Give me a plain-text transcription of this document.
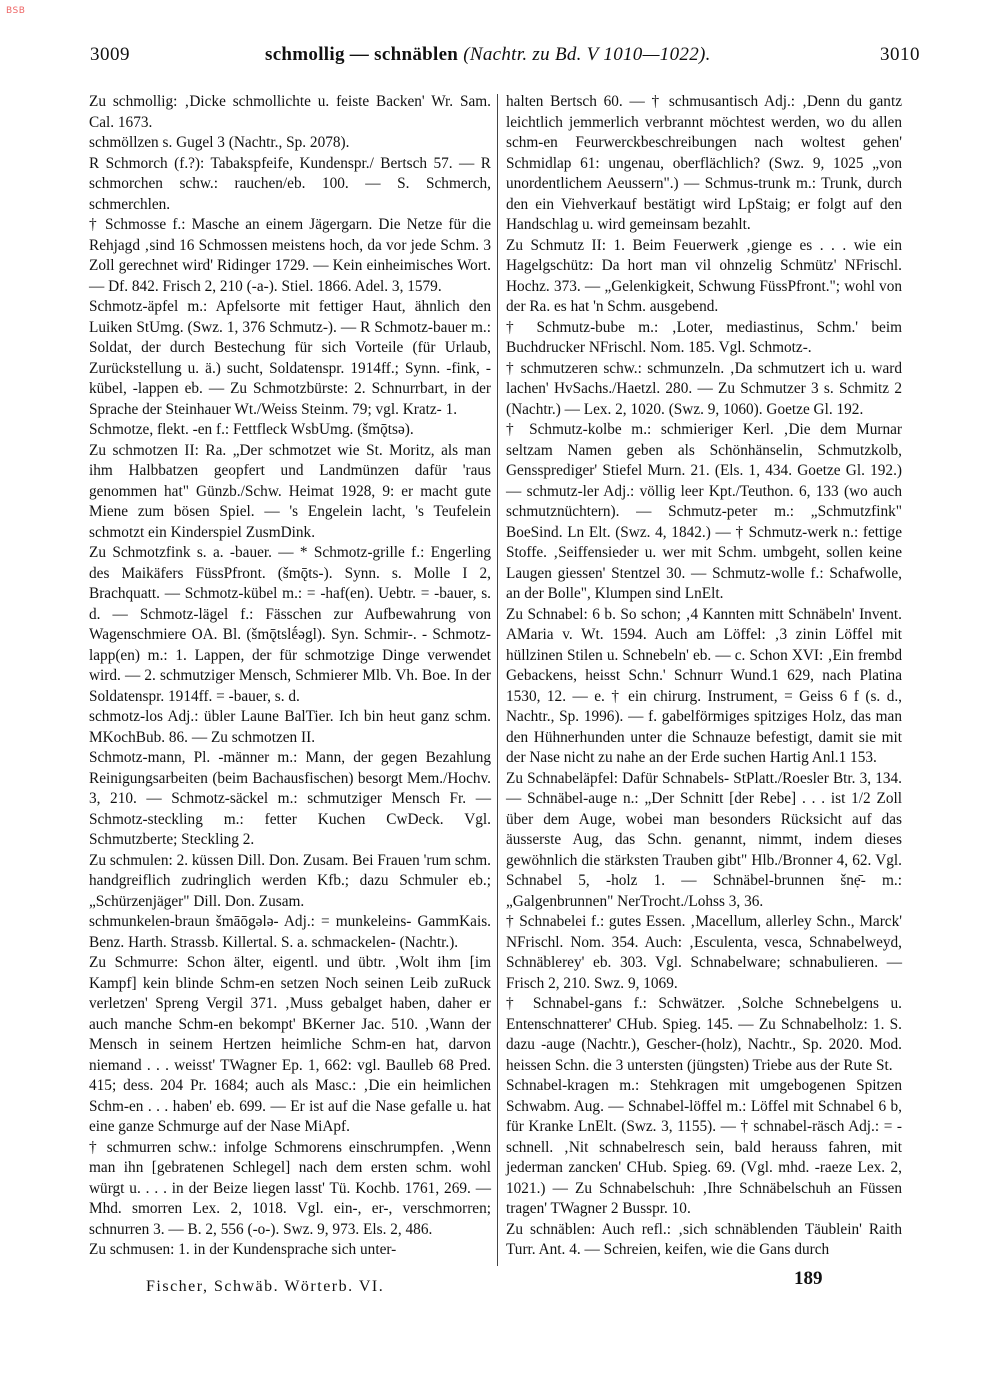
BSB
3009	schmollig — schnäblen (Nachtr. zu Bd. V 1010—1022).	3010

Zu schmollig: ‚Dicke schmollichte u. feiste Backen' Wr. Sam. Cal. 1673.

schmöllzen s. Gugel 3 (Nachtr., Sp. 2078).

R Schmorch (f.?): Tabakspfeife, Kundenspr./ Bertsch 57. — R schmorchen schw.: rauchen/eb. 100. — S. Schmerch, schmerchlen.

† Schmosse f.: Masche an einem Jägergarn. Die Netze für die Rehjagd ‚sind 16 Schmossen meistens hoch, da vor jede Schm. 3 Zoll gerechnet wird' Ridinger 1729. — Kein einheimisches Wort. — Df. 842. Frisch 2, 210 (-a-). Stiel. 1866. Adel. 3, 1579.

Schmotz-äpfel m.: Apfelsorte mit fettiger Haut, ähnlich den Luiken StUmg. (Swz. 1, 376 Schmutz-). — R Schmotz-bauer m.: Soldat, der durch Bestechung für sich Vorteile (für Urlaub, Zurückstellung u. ä.) sucht, Soldatenspr. 1914ff.; Synn. -fink, -kübel, -lappen eb. — Zu Schmotzbürste: 2. Schnurrbart, in der Sprache der Steinhauer Wt./Weiss Steinm. 79; vgl. Kratz- 1.

Schmotze, flekt. -en f.: Fettfleck WsbUmg. (šmǭtsə).

Zu schmotzen II: Ra. „Der schmotzet wie St. Moritz, als man ihm Halbbatzen geopfert und Landmünzen dafür 'raus genommen hat" Günzb./Schw. Heimat 1928, 9: er macht gute Miene zum bösen Spiel. — 's Engelein lacht, 's Teufelein schmotzt ein Kinderspiel ZusmDink.

Zu Schmotzfink s. a. -bauer. — * Schmotz-grille f.: Engerling des Maikäfers FüssPfront. (šmǭts-). Synn. s. Molle I 2, Brachquatt. — Schmotz-kübel m.: = -haf(en). Uebtr. = -bauer, s. d. — Schmotz-lägel f.: Fässchen zur Aufbewahrung von Wagenschmiere OA. Bl. (šmǭtslḗəgl). Syn. Schmir-. - Schmotz-lapp(en) m.: 1. Lappen, der für schmotzige Dinge verwendet wird. — 2. schmutziger Mensch, Schmierer Mlb. Vh. Boe. In der Soldatenspr. 1914ff. = -bauer, s. d.

schmotz-los Adj.: übler Laune BalTier. Ich bin heut ganz schm. MKochBub. 86. — Zu schmotzen II.

Schmotz-mann, Pl. -männer m.: Mann, der gegen Bezahlung Reinigungsarbeiten (beim Bachausfischen) besorgt Mem./Hochv. 3, 210. — Schmotz-säckel m.: schmutziger Mensch Fr. — Schmotz-steckling m.: fetter Kuchen CwDeck. Vgl. Schmutzberte; Steckling 2.

Zu schmulen: 2. küssen Dill. Don. Zusam. Bei Frauen 'rum schm. handgreiflich zudringlich werden Kfb.; dazu Schmuler eb.; „Schürzenjäger" Dill. Don. Zusam.

schmunkelen-braun šmāōgələ- Adj.: = munkeleins- GammKais. Benz. Harth. Strassb. Killertal. S. a. schmackelen- (Nachtr.).

Zu Schmurre: Schon älter, eigentl. und übtr. ‚Wolt ihm [im Kampf] kein blinde Schm-en setzen Noch seinen Leib zuRuck verletzen' Spreng Vergil 371. ‚Muss gebalget haben, daher er auch manche Schm-en bekompt' BKerner Jac. 510. ‚Wann der Mensch in seinem Hertzen heimliche Schm-en hat, darvon niemand . . . weisst' TWagner Ep. 1, 662: vgl. Baulleb 68 Pred. 415; dess. 204 Pr. 1684; auch als Masc.: ‚Die ein heimlichen Schm-en . . . haben' eb. 699. — Er ist auf die Nase gefalle u. hat eine ganze Schmurge auf der Nase MiApf.

† schmurren schw.: infolge Schmorens einschrumpfen. ‚Wenn man ihn [gebratenen Schlegel] nach dem ersten schm. wohl würgt u. . . . in der Beize liegen lasst' Tü. Kochb. 1761, 269. — Mhd. smorren Lex. 2, 1018. Vgl. ein-, er-, verschmorren; schnurren 3. — B. 2, 556 (-o-). Swz. 9, 973. Els. 2, 486.

Zu schmusen: 1. in der Kundensprache sich unter-

halten Bertsch 60. — † schmusantisch Adj.: ‚Denn du gantz leichtlich jemmerlich verbrannt möchtest werden, wo du allen schm-en Feurwerckbeschreibungen nach woltest gehen' Schmidlap 61: ungenau, oberflächlich? (Swz. 9, 1025 „von unordentlichem Aeussern".) — Schmus-trunk m.: Trunk, durch den ein Viehverkauf bestätigt wird LpStaig; er folgt auf den Handschlag u. wird gemeinsam bezahlt.

Zu Schmutz II: 1. Beim Feuerwerk ‚gienge es . . . wie ein Hagelgschütz: Da hort man vil ohnzelig Schmütz' NFrischl. Hochz. 373. — „Gelenkigkeit, Schwung FüssPfront."; wohl von der Ra. es hat 'n Schm. ausgebend.

† Schmutz-bube m.: ‚Loter, mediastinus, Schm.' beim Buchdrucker NFrischl. Nom. 185. Vgl. Schmotz-.

† schmutzeren schw.: schmunzeln. ‚Da schmutzert ich u. ward lachen' HvSachs./Haetzl. 280. — Zu Schmutzer 3 s. Schmitz 2 (Nachtr.) — Lex. 2, 1020. (Swz. 9, 1060). Goetze Gl. 192.

† Schmutz-kolbe m.: schmieriger Kerl. ‚Die dem Murnar seltzam Namen geben als Schönhänselin, Schmutzkolb, Genssprediger' Stiefel Murn. 21. (Els. 1, 434. Goetze Gl. 192.) — schmutz-ler Adj.: völlig leer Kpt./Teuthon. 6, 133 (wo auch schmutznüchtern). — Schmutz-peter m.: „Schmutzfink" BoeSind. Ln Elt. (Swz. 4, 1842.) — † Schmutz-werk n.: fettige Stoffe. ‚Seiffensieder u. wer mit Schm. umbgeht, sollen keine Laugen giessen' Stentzel 30. — Schmutz-wolle f.: Schafwolle, an der Bolle", Klumpen sind LnElt.

Zu Schnabel: 6 b. So schon; ‚4 Kannten mitt Schnäbeln' Invent. AMaria v. Wt. 1594. Auch am Löffel: ‚3 zinin Löffel mit hüllzinen Stilen u. Schnebeln' eb. — c. Schon XVI: ‚Ein frembd Gebackens, heisst Schn.' Schnurr Wund.1 629, nach Platina 1530, 12. — e. † ein chirurg. Instrument, = Geiss 6 f (s. d., Nachtr., Sp. 1996). — f. gabelförmiges spitziges Holz, das man den Hühnerhunden unter die Schnauze befestigt, damit sie mit der Nase nicht zu nahe an der Erde suchen Hartig Anl.1 153.

Zu Schnabeläpfel: Dafür Schnabels- StPlatt./Roesler Btr. 3, 134. — Schnäbel-auge n.: „Der Schnitt [der Rebe] . . . ist 1/2 Zoll über dem Auge, wobei man besonders Rücksicht auf das äusserste Aug, das Schn. genannt, nimmt, indem dieses gewöhnlich die stärksten Trauben gibt" Hlb./Bronner 4, 62. Vgl. Schnabel 5, -holz 1. — Schnäbel-brunnen šnẹ̄- m.: „Galgenbrunnen" NerTrocht./Lohss 3, 36.

† Schnabelei f.: gutes Essen. ‚Macellum, allerley Schn., Marck' NFrischl. Nom. 354. Auch: ‚Esculenta, vesca, Schnabelweyd, Schnäblerey' eb. 303. Vgl. Schnabelware; schnabulieren. — Frisch 2, 210. Swz. 9, 1069.

† Schnabel-gans f.: Schwätzer. ‚Solche Schnebelgens u. Entenschnatterer' CHub. Spieg. 145. — Zu Schnabelholz: 1. S. dazu -auge (Nachtr.), Gescher-(holz), Nachtr., Sp. 2020. Mod. heissen Schn. die 3 untersten (jüngsten) Triebe aus der Rute St.

Schnabel-kragen m.: Stehkragen mit umgebogenen Spitzen Schwabm. Aug. — Schnabel-löffel m.: Löffel mit Schnabel 6 b, für Kranke LnElt. (Swz. 3, 1155). — † schnabel-räsch Adj.: = -schnell. ‚Nit schnabelresch sein, bald herauss fahren, mit jederman zancken' CHub. Spieg. 69. (Vgl. mhd. -raeze Lex. 2, 1021.) — Zu Schnabelschuh: ‚Ihre Schnäbelschuh an Füssen tragen' TWagner 2 Busspr. 10.

Zu schnäblen: Auch refl.: ‚sich schnäblenden Täublein' Raith Turr. Ant. 4. — Schreien, keifen, wie die Gans durch

Fischer, Schwäb. Wörterb. VI.	189
